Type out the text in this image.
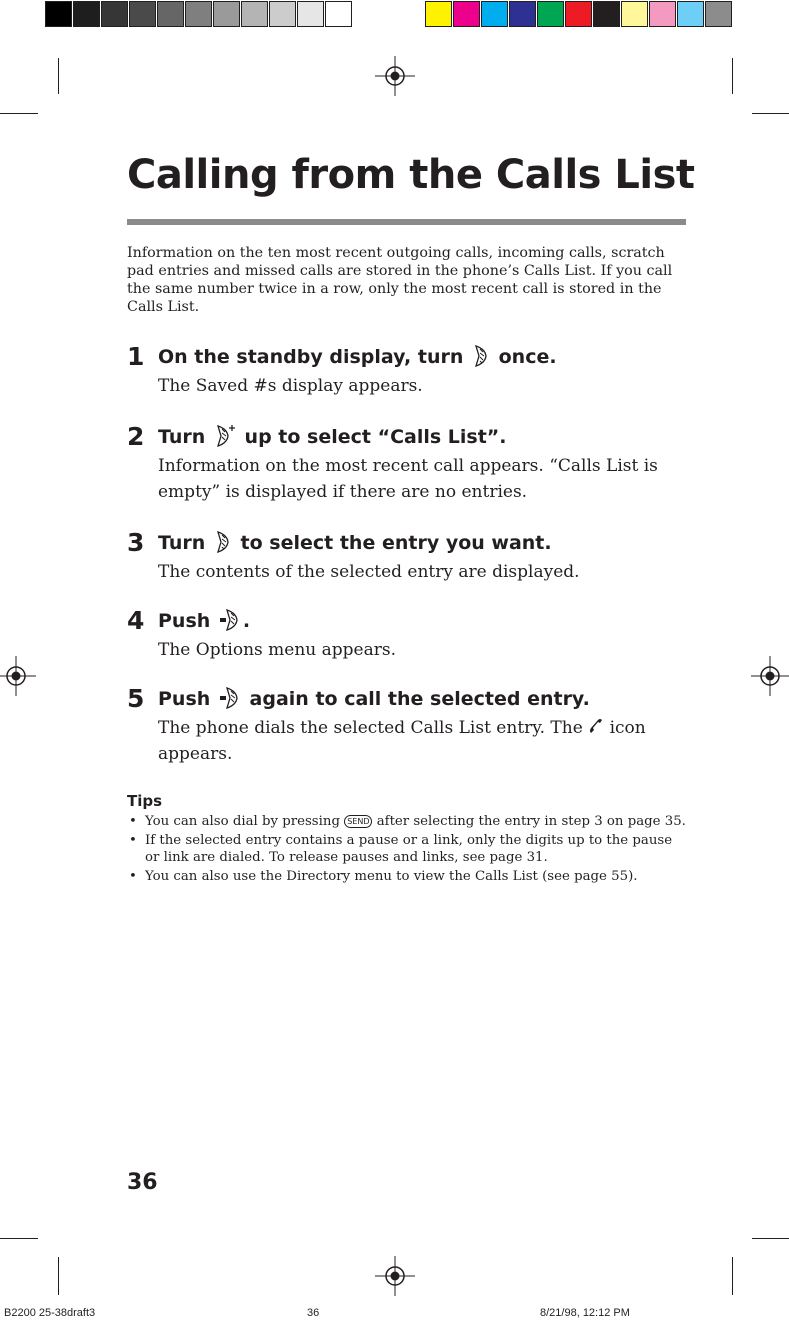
Calling from the Calls List

Information on the ten most recent outgoing calls, incoming calls, scratch pad entries and missed calls are stored in the phone’s Calls List. If you call the same number twice in a row, only the most recent call is stored in the Calls List.

1 On the standby display, turn once.
The Saved #s display appears.
2 Turn up to select “Calls List”.
Information on the most recent call appears. “Calls List is empty” is displayed if there are no entries.
3 Turn to select the entry you want.
The contents of the selected entry are displayed.
4 Push .
The Options menu appears.
5 Push again to call the selected entry.
The phone dials the selected Calls List entry. The icon appears.
Tips
• You can also dial by pressing SEND after selecting the entry in step 3 on page 35.
• If the selected entry contains a pause or a link, only the digits up to the pause or link are dialed. To release pauses and links, see page 31.
• You can also use the Directory menu to view the Calls List (see page 55).
36
B2200 25-38draft3	36	8/21/98, 12:12 PM
